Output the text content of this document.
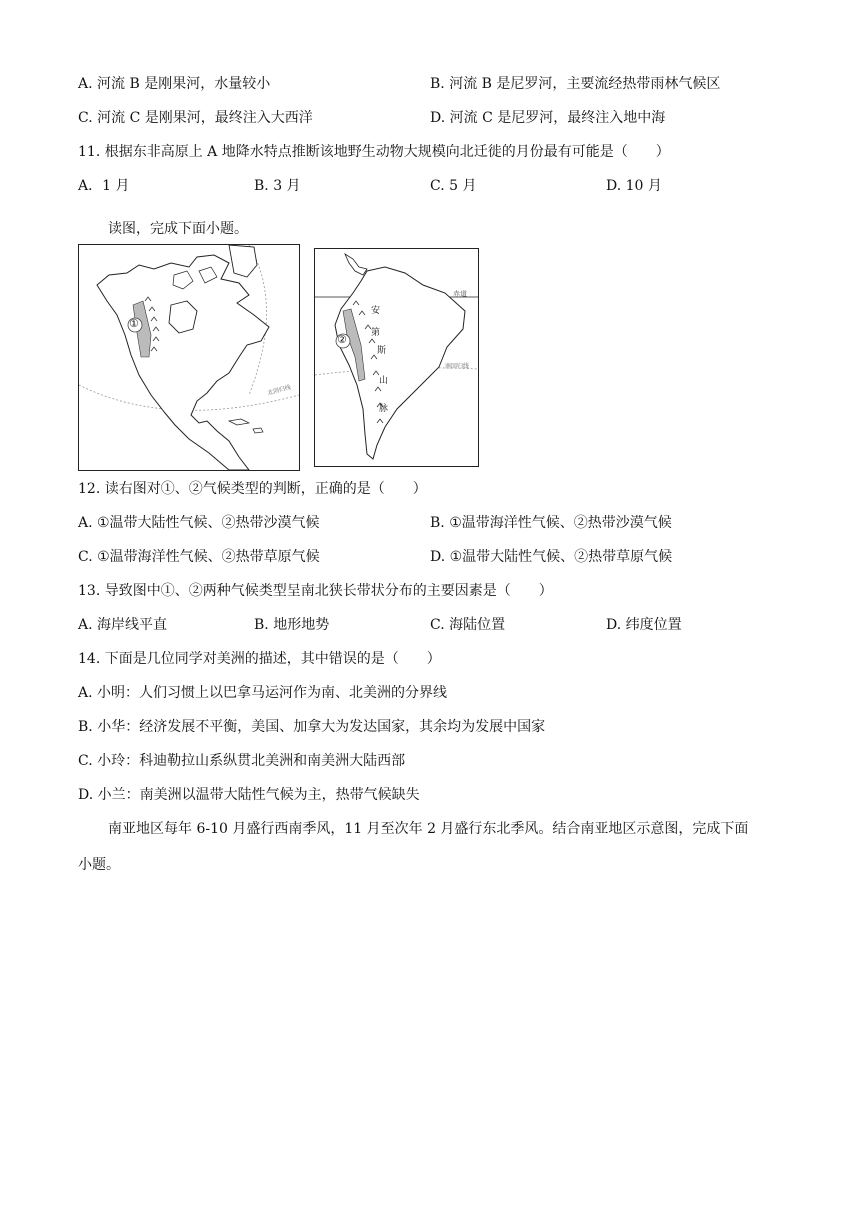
A. 河流 B 是刚果河，水量较小	B. 河流 B 是尼罗河，主要流经热带雨林气候区
C. 河流 C 是刚果河，最终注入大西洋	D. 河流 C 是尼罗河，最终注入地中海
11. 根据东非高原上 A 地降水特点推断该地野生动物大规模向北迁徙的月份最有可能是（　　）
A．1 月	B. 3 月	C. 5 月	D. 10 月
读图，完成下面小题。
①
北回归线
②
赤道
南回归线
安
第
斯
山
脉
12. 读右图对①、②气候类型的判断，正确的是（　　）
A. ①温带大陆性气候、②热带沙漠气候	B. ①温带海洋性气候、②热带沙漠气候
C. ①温带海洋性气候、②热带草原气候	D. ①温带大陆性气候、②热带草原气候
13. 导致图中①、②两种气候类型呈南北狭长带状分布的主要因素是（　　）
A. 海岸线平直	B. 地形地势	C. 海陆位置	D. 纬度位置
14. 下面是几位同学对美洲的描述，其中错误的是（　　）
A. 小明：人们习惯上以巴拿马运河作为南、北美洲的分界线
B. 小华：经济发展不平衡，美国、加拿大为发达国家，其余均为发展中国家
C. 小玲：科迪勒拉山系纵贯北美洲和南美洲大陆西部
D. 小兰：南美洲以温带大陆性气候为主，热带气候缺失
南亚地区每年 6-10 月盛行西南季风，11 月至次年 2 月盛行东北季风。结合南亚地区示意图，完成下面
小题。
